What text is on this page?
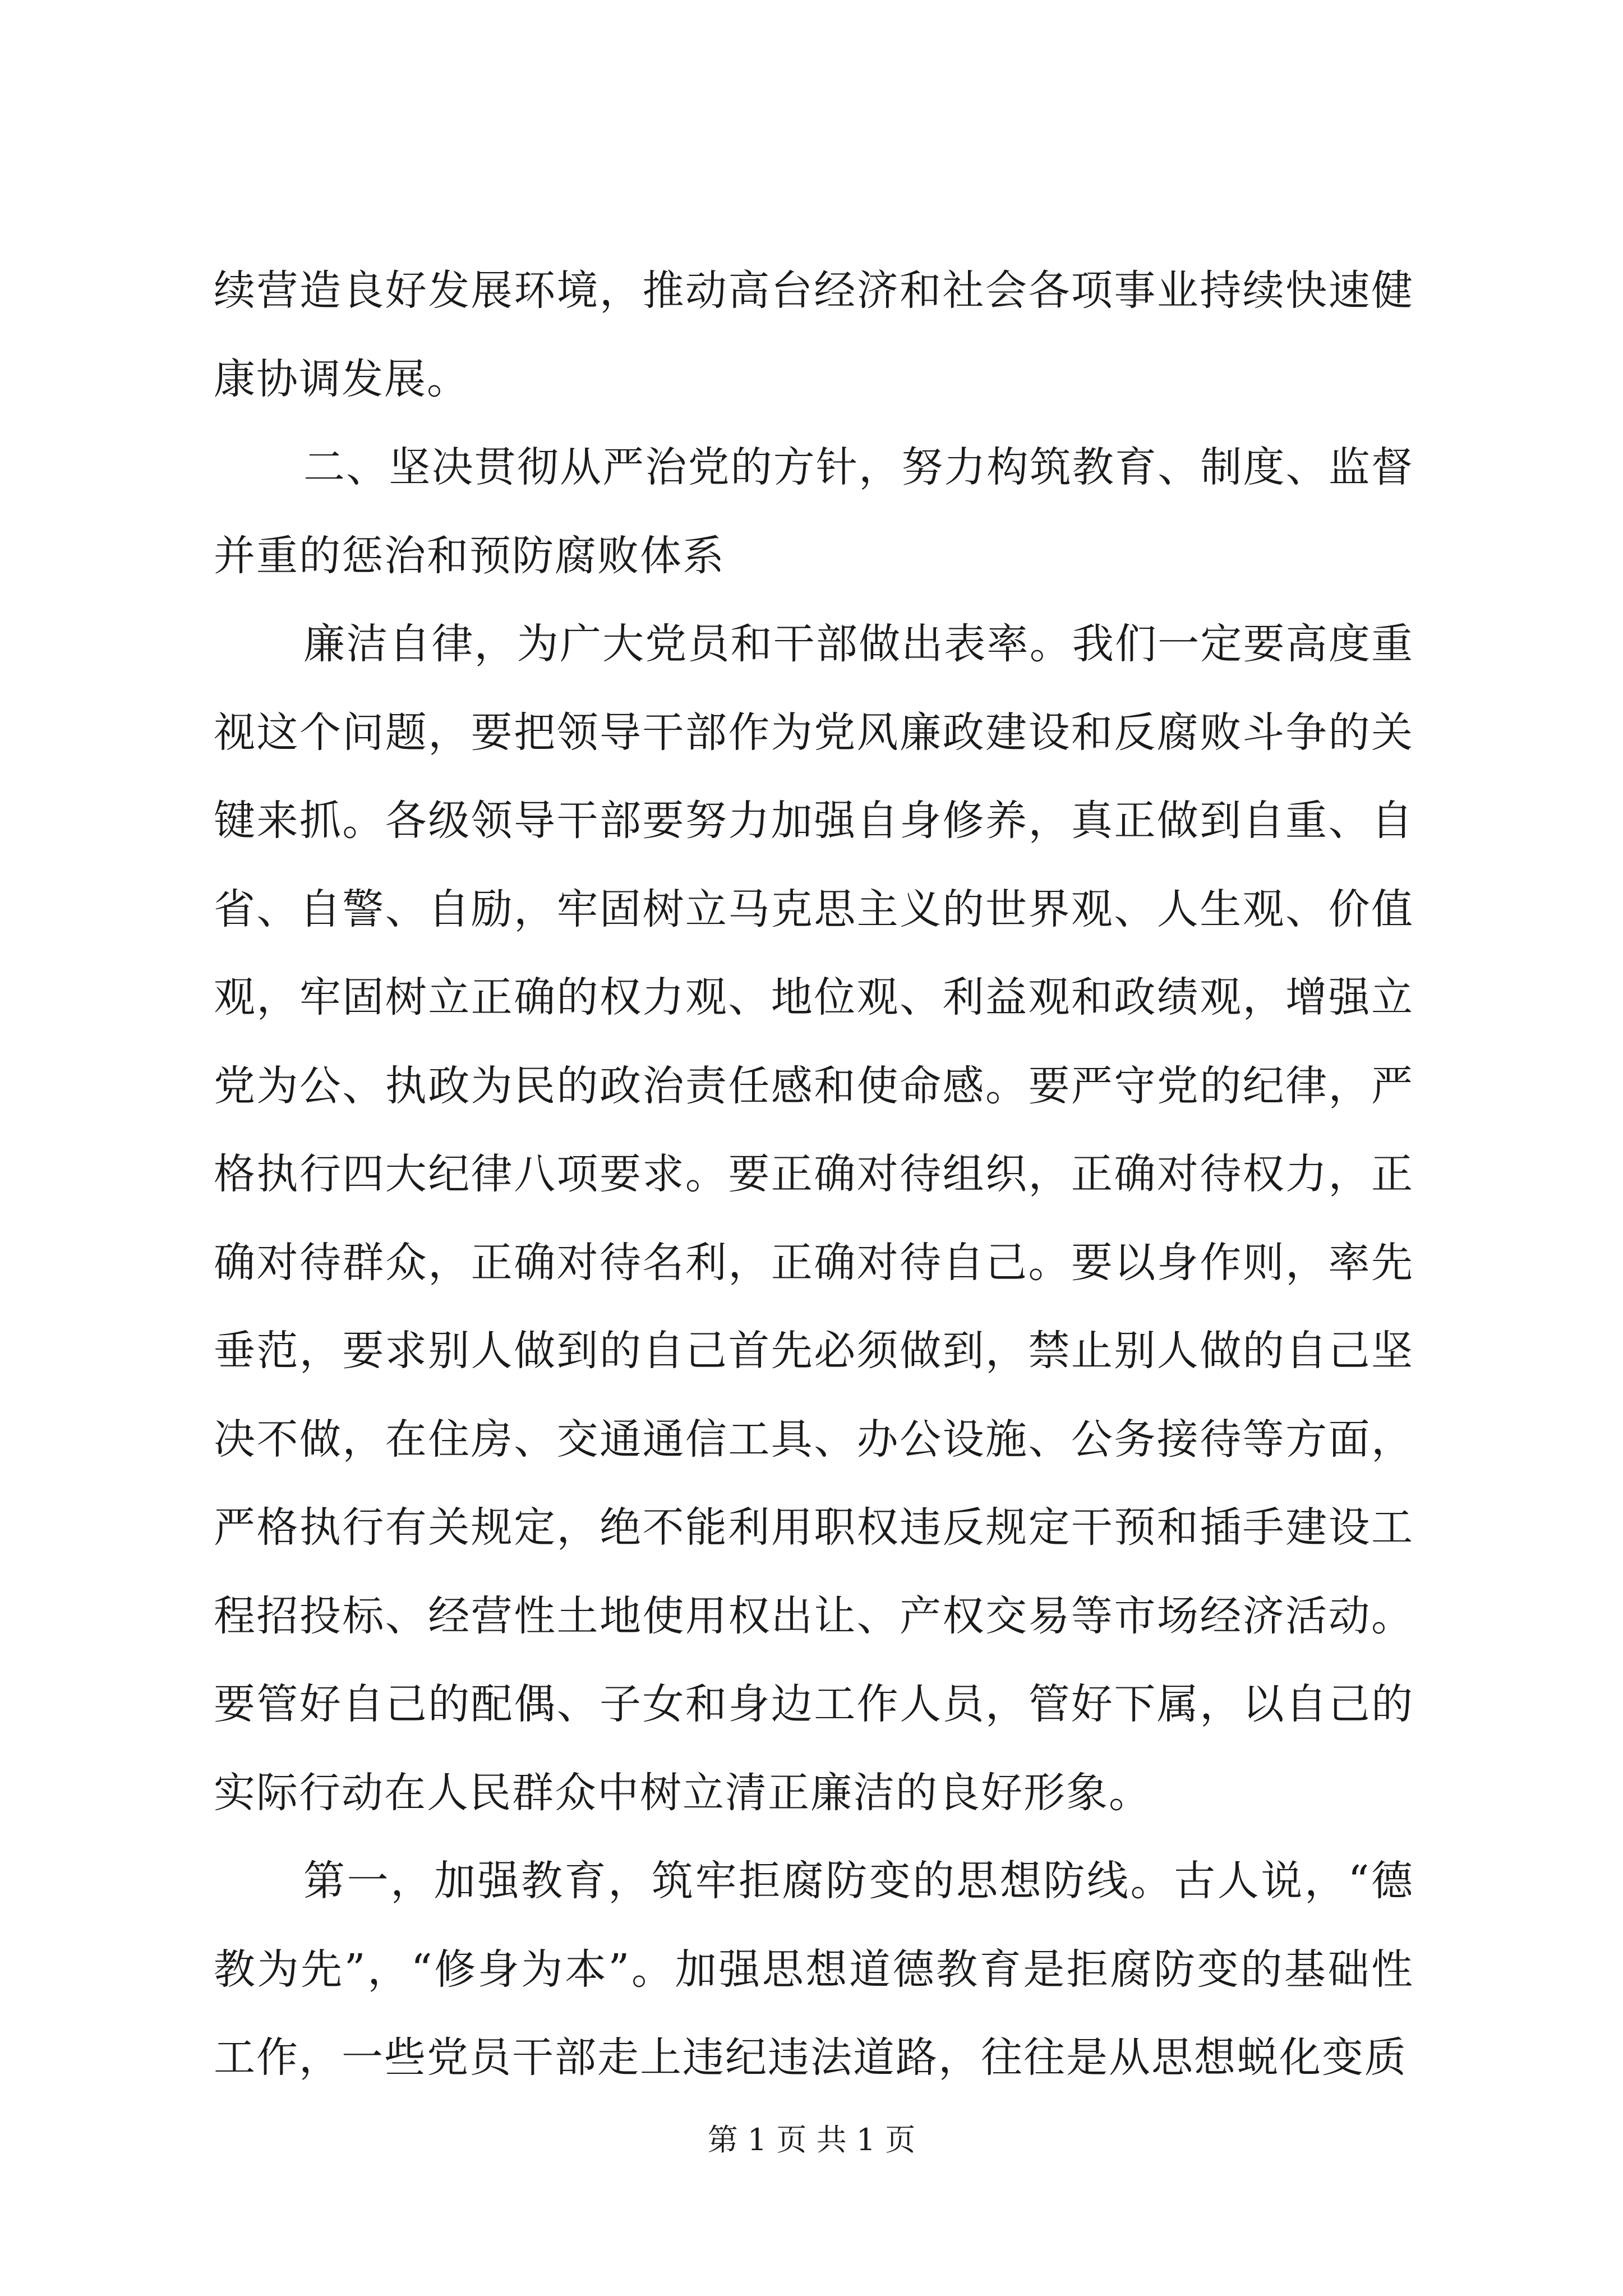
续营造良好发展环境，推动高台经济和社会各项事业持续快速健康协调发展。

二、坚决贯彻从严治党的方针，努力构筑教育、制度、监督并重的惩治和预防腐败体系

廉洁自律，为广大党员和干部做出表率。我们一定要高度重视这个问题，要把领导干部作为党风廉政建设和反腐败斗争的关键来抓。各级领导干部要努力加强自身修养，真正做到自重、自省、自警、自励，牢固树立马克思主义的世界观、人生观、价值观，牢固树立正确的权力观、地位观、利益观和政绩观，增强立党为公、执政为民的政治责任感和使命感。要严守党的纪律，严格执行四大纪律八项要求。要正确对待组织，正确对待权力，正确对待群众，正确对待名利，正确对待自己。要以身作则，率先垂范，要求别人做到的自己首先必须做到，禁止别人做的自己坚决不做，在住房、交通通信工具、办公设施、公务接待等方面，严格执行有关规定，绝不能利用职权违反规定干预和插手建设工程招投标、经营性土地使用权出让、产权交易等市场经济活动。要管好自己的配偶、子女和身边工作人员，管好下属，以自己的实际行动在人民群众中树立清正廉洁的良好形象。

第一，加强教育，筑牢拒腐防变的思想防线。古人说，“德教为先”，“修身为本”。加强思想道德教育是拒腐防变的基础性工作，一些党员干部走上违纪违法道路，往往是从思想蜕化变质

第 1 页 共 1 页
